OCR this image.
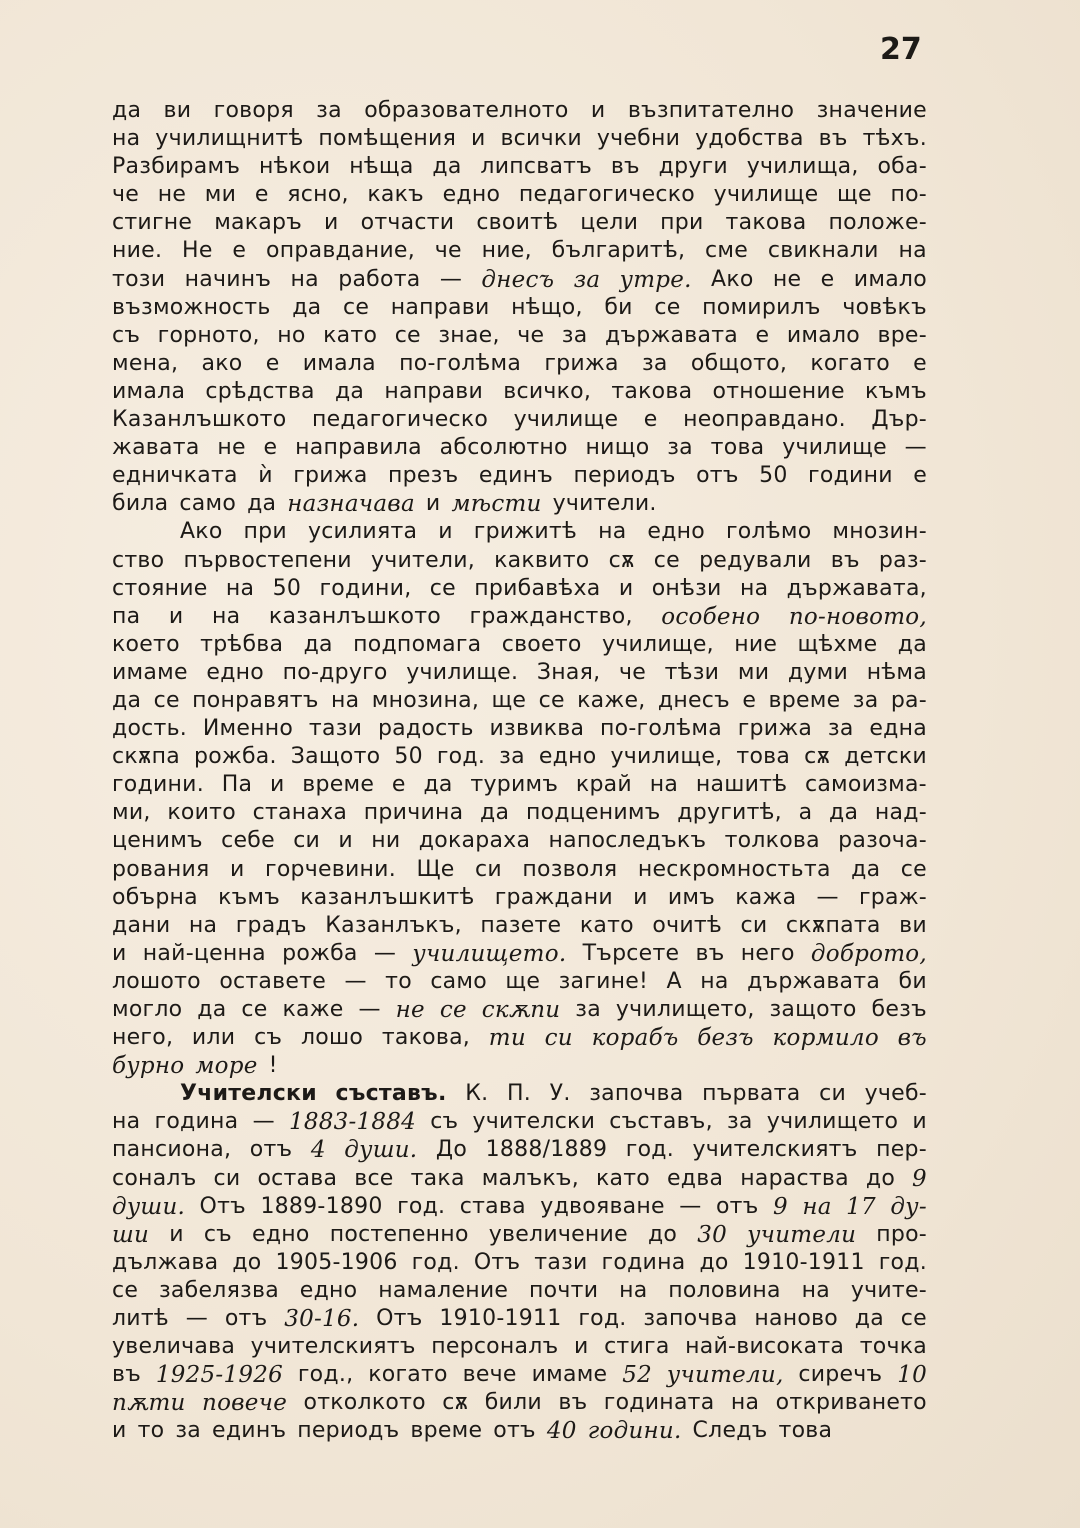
27
да ви говоря за образователното и възпитателно значение
на училищнитѣ помѣщения и всички учебни удобства въ тѣхъ.
Разбирамъ нѣкои нѣща да липсватъ въ други училища, оба-
че не ми е ясно, какъ едно педагогическо училище ще по-
стигне макаръ и отчасти своитѣ цели при такова положе-
ние. Не е оправдание, че ние, българитѣ, сме свикнали на
този начинъ на работа — днесъ за утре. Ако не е имало
възможность да се направи нѣщо, би се помирилъ човѣкъ
съ горното, но като се знае, че за държавата е имало вре-
мена, ако е имала по-голѣма грижа за общото, когато е
имала срѣдства да направи всичко, такова отношение къмъ
Казанлъшкото педагогическо училище е неоправдано. Дър-
жавата не е направила абсолютно нищо за това училище —
едничката ѝ грижа презъ единъ периодъ отъ 50 години е
била само да назначава и мѣсти учители.
Ако при усилията и грижитѣ на едно голѣмо мнозин-
ство първостепени учители, каквито сѫ се редували въ раз-
стояние на 50 години, се прибавѣха и онѣзи на държавата,
па и на казанлъшкото гражданство, особено по-новото,
което трѣбва да подпомага своето училище, ние щѣхме да
имаме едно по-друго училище. Зная, че тѣзи ми думи нѣма
да се понравятъ на мнозина, ще се каже, днесъ е време за ра-
дость. Именно тази радость извиква по-голѣма грижа за една
скѫпа рожба. Защото 50 год. за едно училище, това сѫ детски
години. Па и време е да туримъ край на нашитѣ самоизма-
ми, които станаха причина да подценимъ другитѣ, а да над-
ценимъ себе си и ни докараха напоследъкъ толкова разоча-
рования и горчевини. Ще си позволя нескромностьта да се
обърна къмъ казанлъшкитѣ граждани и имъ кажа — граж-
дани на градъ Казанлъкъ, пазете като очитѣ си скѫпата ви
и най-ценна рожба — училището. Търсете въ него доброто,
лошото оставете — то само ще загине! А на държавата би
могло да се каже — не се скѫпи за училището, защото безъ
него, или съ лошо такова, ти си корабъ безъ кормило въ
бурно море !
Учителски съставъ. К. П. У. започва първата си учеб-
на година — 1883-1884 съ учителски съставъ, за училището и
пансиона, отъ 4 души. До 1888/1889 год. учителскиятъ пер-
соналъ си остава все така малъкъ, като едва нараства до 9
души. Отъ 1889-1890 год. става удвояване — отъ 9 на 17 ду-
ши и съ едно постепенно увеличение до 30 учители про-
дължава до 1905-1906 год. Отъ тази година до 1910-1911 год.
се забелязва едно намаление почти на половина на учите-
литѣ — отъ 30-16. Отъ 1910-1911 год. започва наново да се
увеличава учителскиятъ персоналъ и стига най-високата точка
въ 1925-1926 год., когато вече имаме 52 учители, сиречъ 10
пѫти повече отколкото сѫ били въ годината на откриването
и то за единъ периодъ време отъ 40 години. Следъ това
